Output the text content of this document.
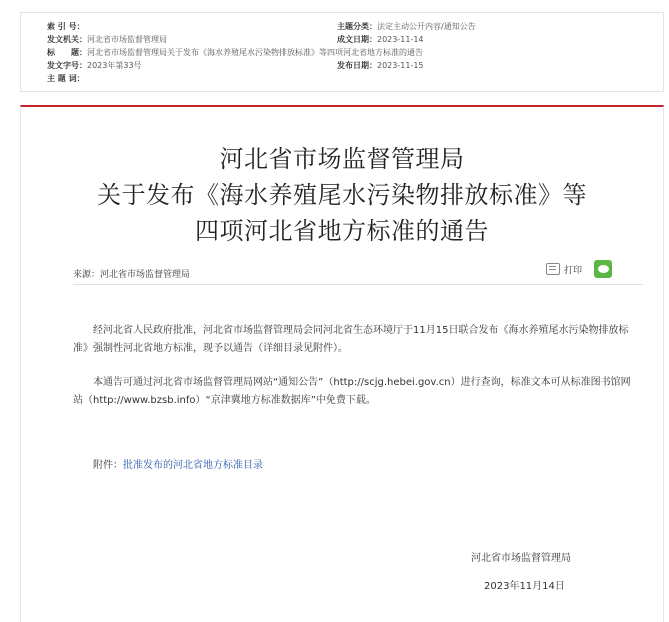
索 引 号：	主题分类：法定主动公开内容/通知公告
发文机关：河北省市场监督管理局	成文日期：2023-11-14
标　　题：河北省市场监督管理局关于发布《海水养殖尾水污染物排放标准》等四项河北省地方标准的通告
发文字号：2023年第33号	发布日期：2023-11-15
主 题 词：
河北省市场监督管理局
关于发布《海水养殖尾水污染物排放标准》等
四项河北省地方标准的通告
来源：河北省市场监督管理局	打印
经河北省人民政府批准，河北省市场监督管理局会同河北省生态环境厅于11月15日联合发布《海水养殖尾水污染物排放标准》强制性河北省地方标准，现予以通告（详细目录见附件）。
本通告可通过河北省市场监督管理局网站“通知公告”（http://scjg.hebei.gov.cn）进行查询，标准文本可从标准图书馆网站（http://www.bzsb.info）“京津冀地方标准数据库”中免费下载。
附件：批准发布的河北省地方标准目录
河北省市场监督管理局
2023年11月14日
